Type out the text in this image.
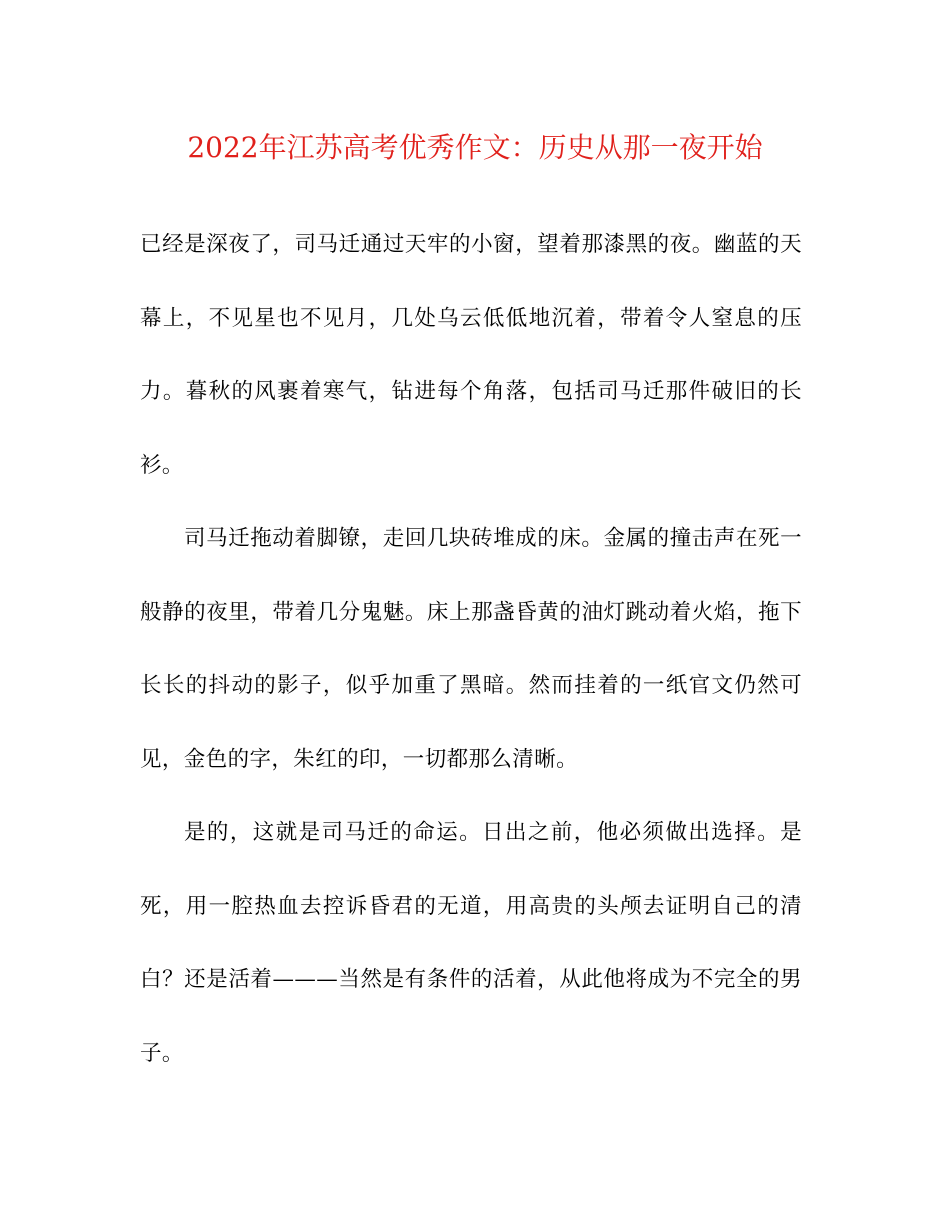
2022年江苏高考优秀作文：历史从那一夜开始

已经是深夜了，司马迁通过天牢的小窗，望着那漆黑的夜。幽蓝的天幕上，不见星也不见月，几处乌云低低地沉着，带着令人窒息的压力。暮秋的风裹着寒气，钻进每个角落，包括司马迁那件破旧的长衫。

司马迁拖动着脚镣，走回几块砖堆成的床。金属的撞击声在死一般静的夜里，带着几分鬼魅。床上那盏昏黄的油灯跳动着火焰，拖下长长的抖动的影子，似乎加重了黑暗。然而挂着的一纸官文仍然可见，金色的字，朱红的印，一切都那么清晰。

是的，这就是司马迁的命运。日出之前，他必须做出选择。是死，用一腔热血去控诉昏君的无道，用高贵的头颅去证明自己的清白？还是活着———当然是有条件的活着，从此他将成为不完全的男子。
